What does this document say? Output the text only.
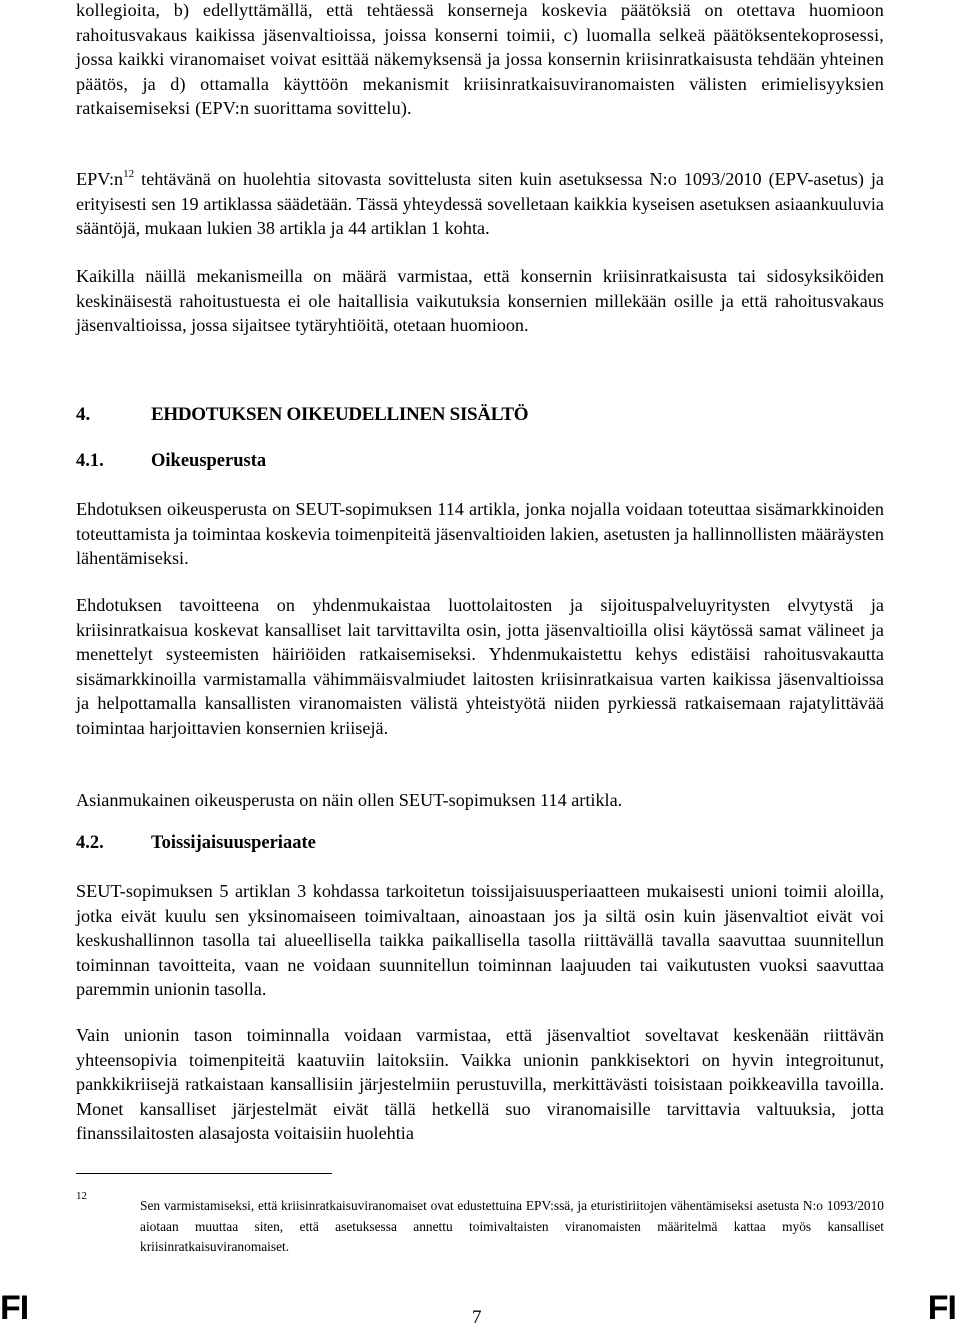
kollegioita, b) edellyttämällä, että tehtäessä konserneja koskevia päätöksiä on otettava huomioon rahoitusvakaus kaikissa jäsenvaltioissa, joissa konserni toimii, c) luomalla selkeä päätöksentekoprosessi, jossa kaikki viranomaiset voivat esittää näkemyksensä ja jossa konsernin kriisinratkaisusta tehdään yhteinen päätös, ja d) ottamalla käyttöön mekanismit kriisinratkaisuviranomaisten välisten erimielisyyksien ratkaisemiseksi (EPV:n suorittama sovittelu).

$EPV:n^{12}$ tehtävänä on huolehtia sitovasta sovittelusta siten kuin asetuksessa N:o 1093/2010 (EPV-asetus) ja erityisesti sen 19 artiklassa säädetään. Tässä yhteydessä sovelletaan kaikkia kyseisen asetuksen asiaankuuluvia sääntöjä, mukaan lukien 38 artikla ja 44 artiklan 1 kohta.

Kaikilla näillä mekanismeilla on määrä varmistaa, että konsernin kriisinratkaisusta tai sidosyksiköiden keskinäisestä rahoitustuesta ei ole haitallisia vaikutuksia konsernien millekään osille ja että rahoitusvakaus jäsenvaltioissa, jossa sijaitsee tytäryhtiöitä, otetaan huomioon.

4.	EHDOTUKSEN OIKEUDELLINEN SISÄLTÖ
4.1.	Oikeusperusta

Ehdotuksen oikeusperusta on SEUT-sopimuksen 114 artikla, jonka nojalla voidaan toteuttaa sisämarkkinoiden toteuttamista ja toimintaa koskevia toimenpiteitä jäsenvaltioiden lakien, asetusten ja hallinnollisten määräysten lähentämiseksi.

Ehdotuksen tavoitteena on yhdenmukaistaa luottolaitosten ja sijoituspalveluyritysten elvytystä ja kriisinratkaisua koskevat kansalliset lait tarvittavilta osin, jotta jäsenvaltioilla olisi käytössä samat välineet ja menettelyt systeemisten häiriöiden ratkaisemiseksi. Yhdenmukaistettu kehys edistäisi rahoitusvakautta sisämarkkinoilla varmistamalla vähimmäisvalmiudet laitosten kriisinratkaisua varten kaikissa jäsenvaltioissa ja helpottamalla kansallisten viranomaisten välistä yhteistyötä niiden pyrkiessä ratkaisemaan rajatylittävää toimintaa harjoittavien konsernien kriisejä.

Asianmukainen oikeusperusta on näin ollen SEUT-sopimuksen 114 artikla.

4.2.	Toissijaisuusperiaate

SEUT-sopimuksen 5 artiklan 3 kohdassa tarkoitetun toissijaisuusperiaatteen mukaisesti unioni toimii aloilla, jotka eivät kuulu sen yksinomaiseen toimivaltaan, ainoastaan jos ja siltä osin kuin jäsenvaltiot eivät voi keskushallinnon tasolla tai alueellisella taikka paikallisella tasolla riittävällä tavalla saavuttaa suunnitellun toiminnan tavoitteita, vaan ne voidaan suunnitellun toiminnan laajuuden tai vaikutusten vuoksi saavuttaa paremmin unionin tasolla.

Vain unionin tason toiminnalla voidaan varmistaa, että jäsenvaltiot soveltavat keskenään riittävän yhteensopivia toimenpiteitä kaatuviin laitoksiin. Vaikka unionin pankkisektori on hyvin integroitunut, pankkikriisejä ratkaistaan kansallisiin järjestelmiin perustuvilla, merkittävästi toisistaan poikkeavilla tavoilla. Monet kansalliset järjestelmät eivät tällä hetkellä suo viranomaisille tarvittavia valtuuksia, jotta finanssilaitosten alasajosta voitaisiin huolehtia

12
Sen varmistamiseksi, että kriisinratkaisuviranomaiset ovat edustettuina EPV:ssä, ja eturistiriitojen vähentämiseksi asetusta N:o 1093/2010 aiotaan muuttaa siten, että asetuksessa annettu toimivaltaisten viranomaisten määritelmä kattaa myös kansalliset kriisinratkaisuviranomaiset.
FI	7	FI
